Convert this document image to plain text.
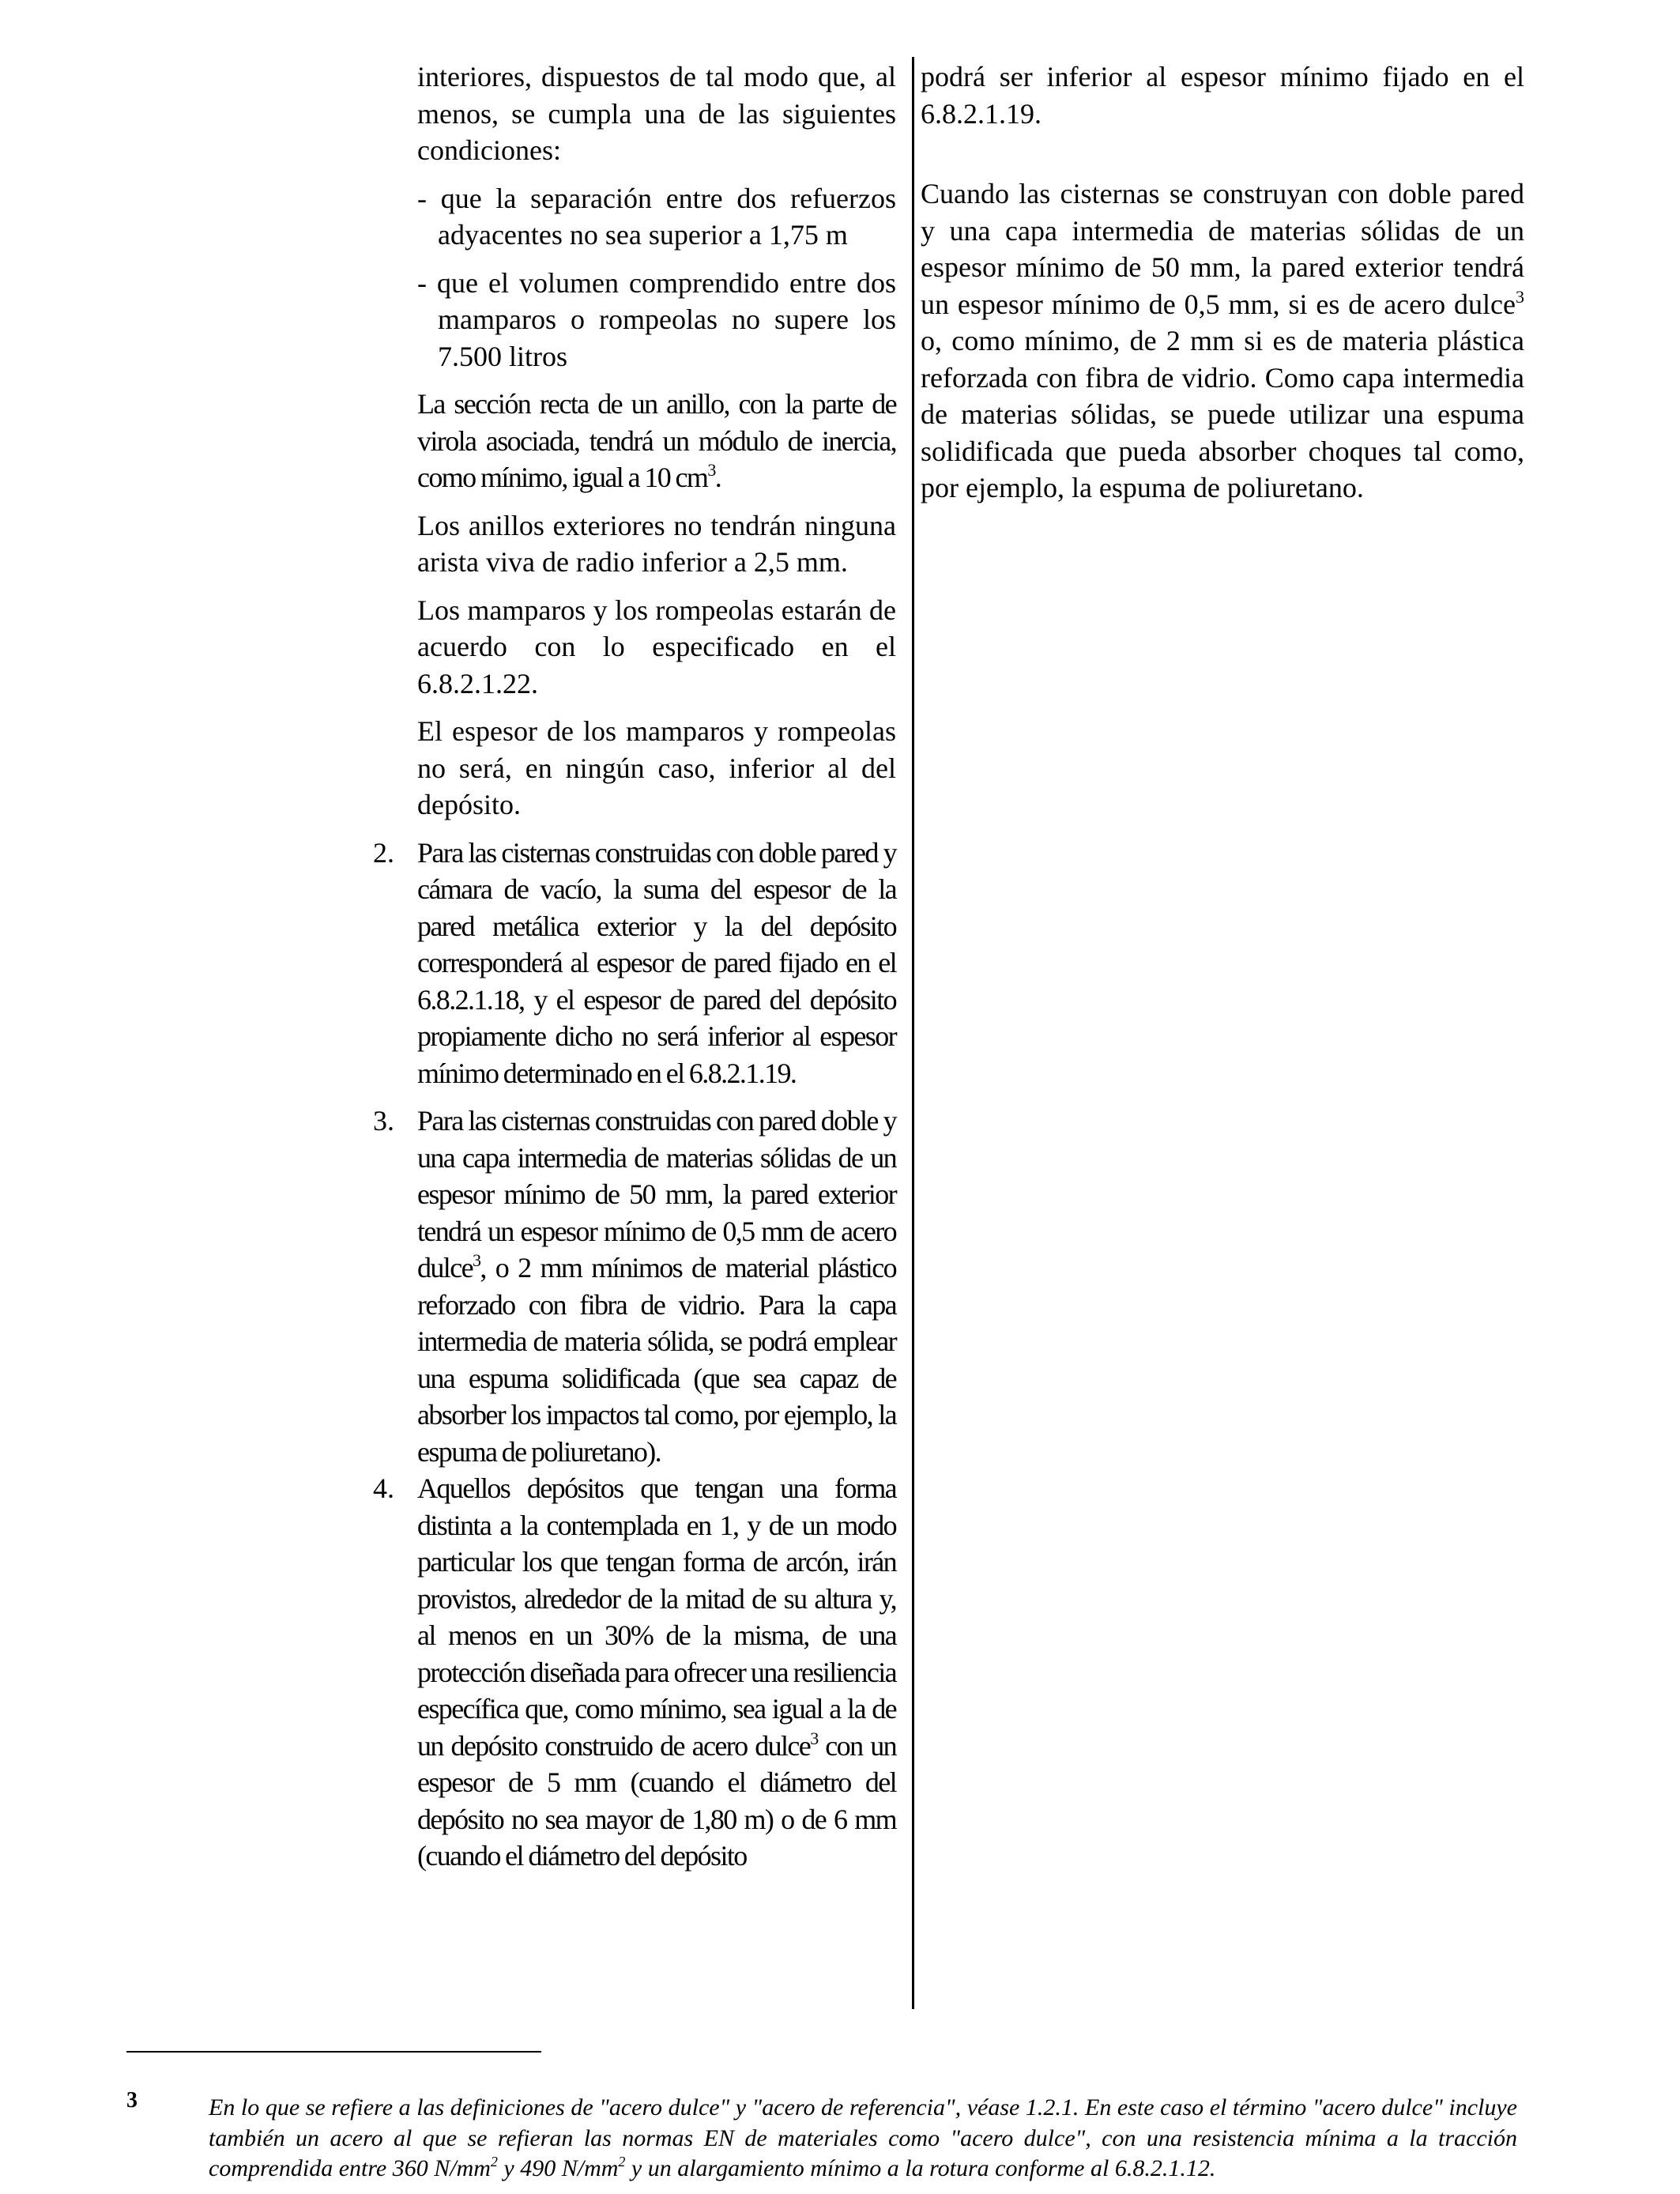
interiores, dispuestos de tal modo que, al menos, se cumpla una de las siguientes condiciones:

- que la separación entre dos refuerzos adyacentes no sea superior a 1,75 m

- que el volumen comprendido entre dos mamparos o rompeolas no supere los 7.500 litros

La sección recta de un anillo, con la parte de virola asociada, tendrá un módulo de inercia, como mínimo, igual a 10 $cm^3$.

Los anillos exteriores no tendrán ninguna arista viva de radio inferior a 2,5 mm.

Los mamparos y los rompeolas estarán de acuerdo con lo especificado en el 6.8.2.1.22.

El espesor de los mamparos y rompeolas no será, en ningún caso, inferior al del depósito.

2. Para las cisternas construidas con doble pared y cámara de vacío, la suma del espesor de la pared metálica exterior y la del depósito corresponderá al espesor de pared fijado en el 6.8.2.1.18, y el espesor de pared del depósito propiamente dicho no será inferior al espesor mínimo determinado en el 6.8.2.1.19.

3. Para las cisternas construidas con pared doble y una capa intermedia de materias sólidas de un espesor mínimo de 50 mm, la pared exterior tendrá un espesor mínimo de 0,5 mm de acero dulce$^3$, o 2 mm mínimos de material plástico reforzado con fibra de vidrio. Para la capa intermedia de materia sólida, se podrá emplear una espuma solidificada (que sea capaz de absorber los impactos tal como, por ejemplo, la espuma de poliuretano).

4. Aquellos depósitos que tengan una forma distinta a la contemplada en 1, y de un modo particular los que tengan forma de arcón, irán provistos, alrededor de la mitad de su altura y, al menos en un 30% de la misma, de una protección diseñada para ofrecer una resiliencia específica que, como mínimo, sea igual a la de un depósito construido de acero dulce$^3$ con un espesor de 5 mm (cuando el diámetro del depósito no sea mayor de 1,80 m) o de 6 mm (cuando el diámetro del depósito

podrá ser inferior al espesor mínimo fijado en el 6.8.2.1.19.

Cuando las cisternas se construyan con doble pared y una capa intermedia de materias sólidas de un espesor mínimo de 50 mm, la pared exterior tendrá un espesor mínimo de 0,5 mm, si es de acero dulce$^3$ o, como mínimo, de 2 mm si es de materia plástica reforzada con fibra de vidrio. Como capa intermedia de materias sólidas, se puede utilizar una espuma solidificada que pueda absorber choques tal como, por ejemplo, la espuma de poliuretano.

3	En lo que se refiere a las definiciones de "acero dulce" y "acero de referencia", véase 1.2.1. En este caso el término "acero dulce" incluye también un acero al que se refieran las normas EN de materiales como "acero dulce", con una resistencia mínima a la tracción comprendida entre 360 $N/mm^2$ y 490 $N/mm^2$ y un alargamiento mínimo a la rotura conforme al 6.8.2.1.12.
